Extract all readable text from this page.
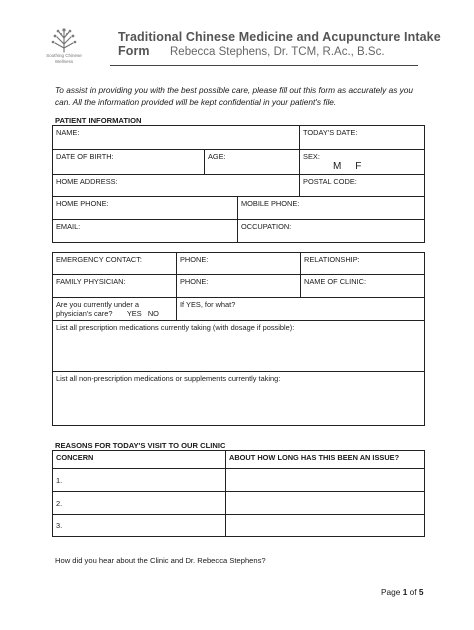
Soothing Chinese
Wellness
Traditional Chinese Medicine and Acupuncture Intake Form	Rebecca Stephens, Dr. TCM, R.Ac., B.Sc.
To assist in providing you with the best possible care, please fill out this form as accurately as you can. All the information provided will be kept confidential in your patient's file.
PATIENT INFORMATION
NAME:			TODAY'S DATE:
DATE OF BIRTH:	AGE:		SEX:
M F

HOME ADDRESS:			POSTAL CODE:
HOME PHONE:		MOBILE PHONE:	
EMAIL:		OCCUPATION:	
EMERGENCY CONTACT:	PHONE:	RELATIONSHIP:
FAMILY PHYSICIAN:	PHONE:	NAME OF CLINIC:

Are you currently under a
physician's care? YES NO	If YES, for what?	
List all prescription medications currently taking (with dosage if possible):		
List all non-prescription medications or supplements currently taking:		
REASONS FOR TODAY'S VISIT TO OUR CLINIC
CONCERN	ABOUT HOW LONG HAS THIS BEEN AN ISSUE?
1.	
2.	
3.	
How did you hear about the Clinic and Dr. Rebecca Stephens?
Page 1 of 5
